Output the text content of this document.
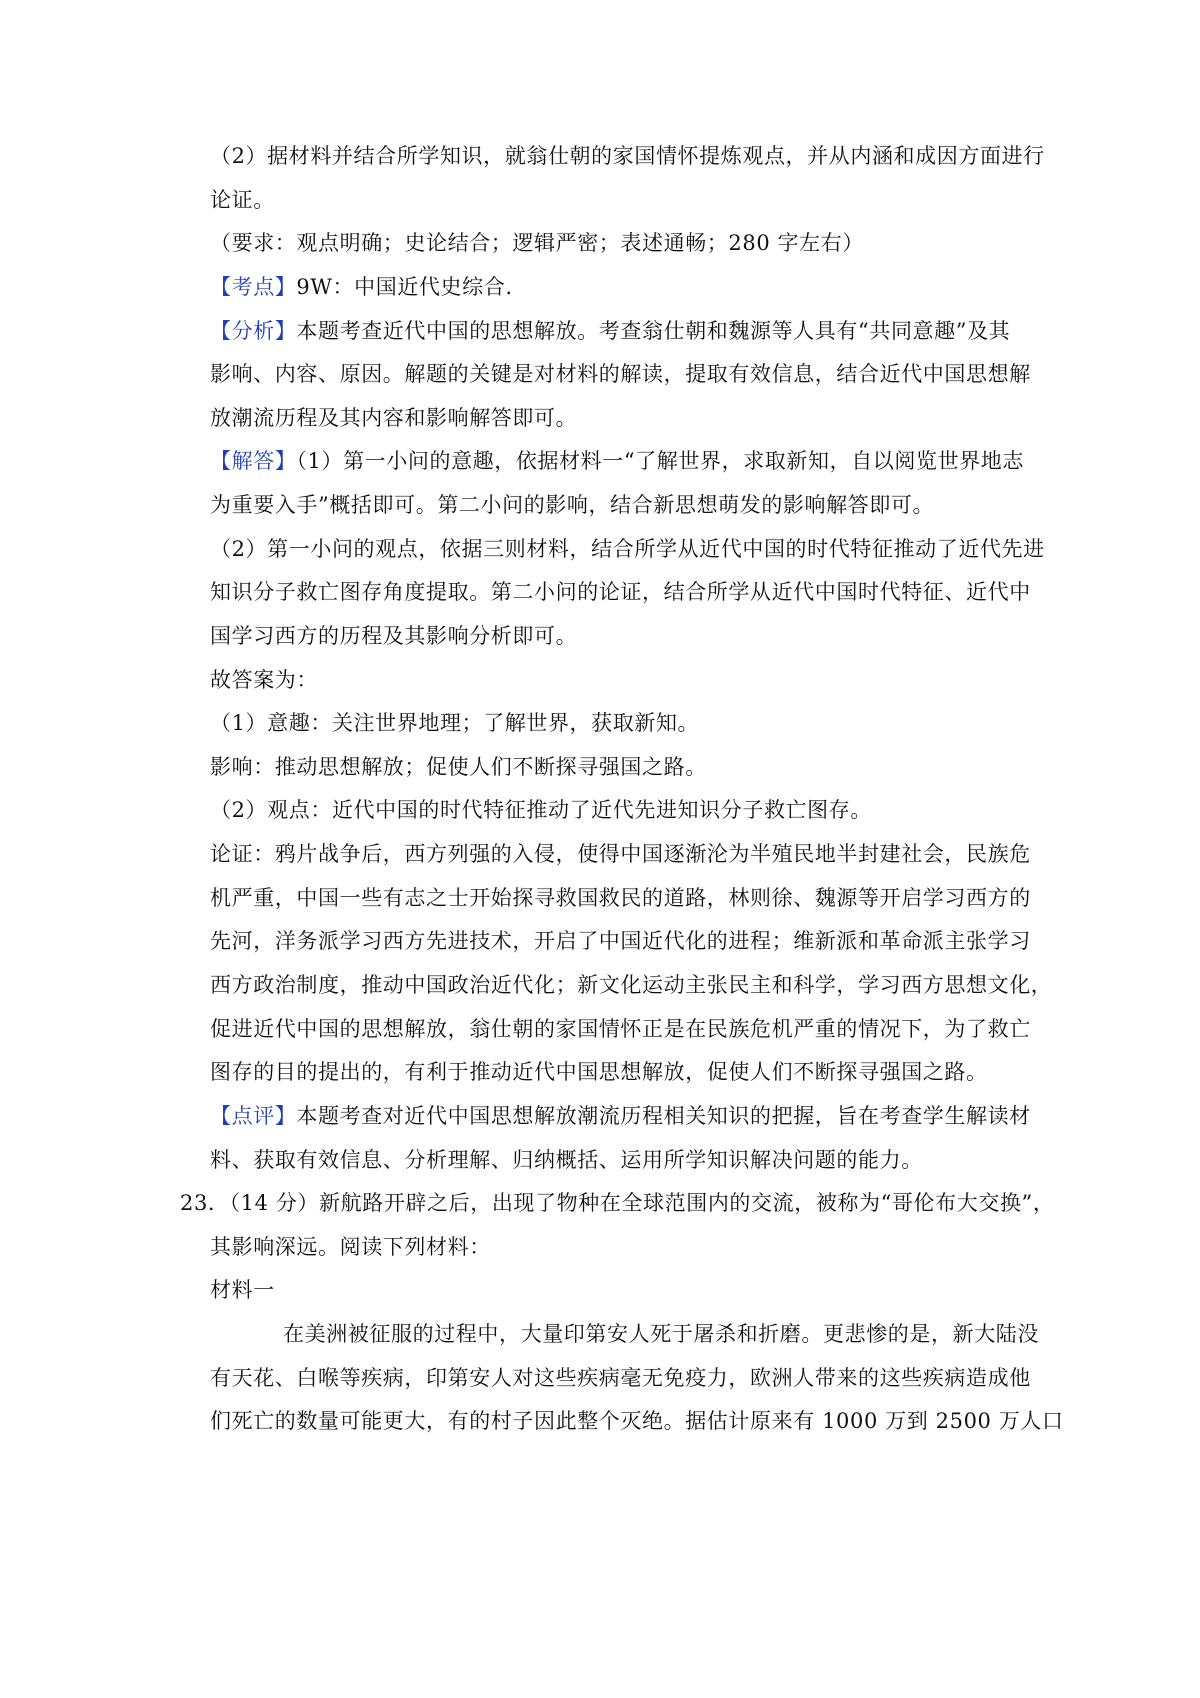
（2）据材料并结合所学知识，就翁仕朝的家国情怀提炼观点，并从内涵和成因方面进行
论证。
（要求：观点明确；史论结合；逻辑严密；表述通畅；280 字左右）
【考点】9W：中国近代史综合.
【分析】本题考查近代中国的思想解放。考查翁仕朝和魏源等人具有“共同意趣”及其
影响、内容、原因。解题的关键是对材料的解读，提取有效信息，结合近代中国思想解
放潮流历程及其内容和影响解答即可。
【解答】（1）第一小问的意趣，依据材料一“了解世界，求取新知，自以阅览世界地志
为重要入手”概括即可。第二小问的影响，结合新思想萌发的影响解答即可。
（2）第一小问的观点，依据三则材料，结合所学从近代中国的时代特征推动了近代先进
知识分子救亡图存角度提取。第二小问的论证，结合所学从近代中国时代特征、近代中
国学习西方的历程及其影响分析即可。
故答案为：
（1）意趣：关注世界地理；了解世界，获取新知。
影响：推动思想解放；促使人们不断探寻强国之路。
（2）观点：近代中国的时代特征推动了近代先进知识分子救亡图存。
论证：鸦片战争后，西方列强的入侵，使得中国逐渐沦为半殖民地半封建社会，民族危
机严重，中国一些有志之士开始探寻救国救民的道路，林则徐、魏源等开启学习西方的
先河，洋务派学习西方先进技术，开启了中国近代化的进程；维新派和革命派主张学习
西方政治制度，推动中国政治近代化；新文化运动主张民主和科学，学习西方思想文化，
促进近代中国的思想解放，翁仕朝的家国情怀正是在民族危机严重的情况下，为了救亡
图存的目的提出的，有利于推动近代中国思想解放，促使人们不断探寻强国之路。
【点评】本题考查对近代中国思想解放潮流历程相关知识的把握，旨在考查学生解读材
料、获取有效信息、分析理解、归纳概括、运用所学知识解决问题的能力。
23．（14 分）新航路开辟之后，出现了物种在全球范围内的交流，被称为“哥伦布大交换”，
其影响深远。阅读下列材料：
材料一
在美洲被征服的过程中，大量印第安人死于屠杀和折磨。更悲惨的是，新大陆没
有天花、白喉等疾病，印第安人对这些疾病毫无免疫力，欧洲人带来的这些疾病造成他
们死亡的数量可能更大，有的村子因此整个灭绝。据估计原来有 1000 万到 2500 万人口
